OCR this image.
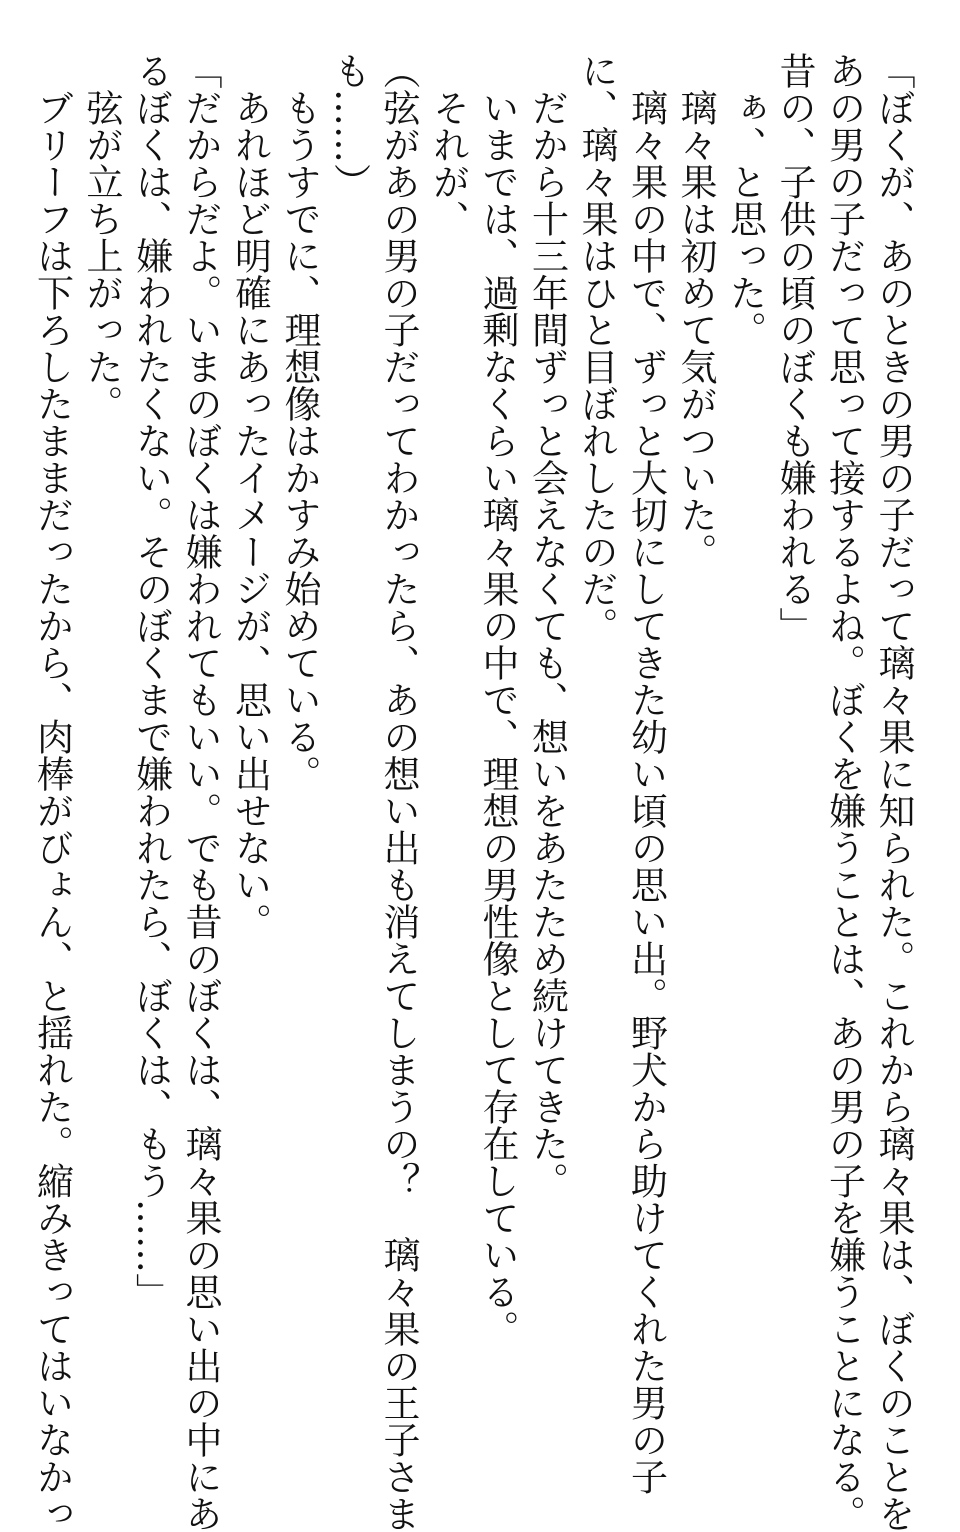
「ぼくが、あのときの男の子だって璃々果に知られた。これから璃々果は、ぼくのことを
あの男の子だって思って接するよね。ぼくを嫌うことは、あの男の子を嫌うことになる。
昔の、子供の頃のぼくも嫌われる」
　ぁ、と思った。
　璃々果は初めて気がついた。
　璃々果の中で、ずっと大切にしてきた幼い頃の思い出。野犬から助けてくれた男の子
に、璃々果はひと目ぼれしたのだ。
　だから十三年間ずっと会えなくても、想いをあたため続けてきた。
　いまでは、過剰なくらい璃々果の中で、理想の男性像として存在している。
　それが、
（弦があの男の子だってわかったら、あの想い出も消えてしまうの？　璃々果の王子さま
も……）
　もうすでに、理想像はかすみ始めている。
　あれほど明確にあったイメージが、思い出せない。
「だからだよ。いまのぼくは嫌われてもいい。でも昔のぼくは、璃々果の思い出の中にあ
るぼくは、嫌われたくない。そのぼくまで嫌われたら、ぼくは、もう……」
　弦が立ち上がった。
　ブリーフは下ろしたままだったから、肉棒がびょん、と揺れた。縮みきってはいなかっ
